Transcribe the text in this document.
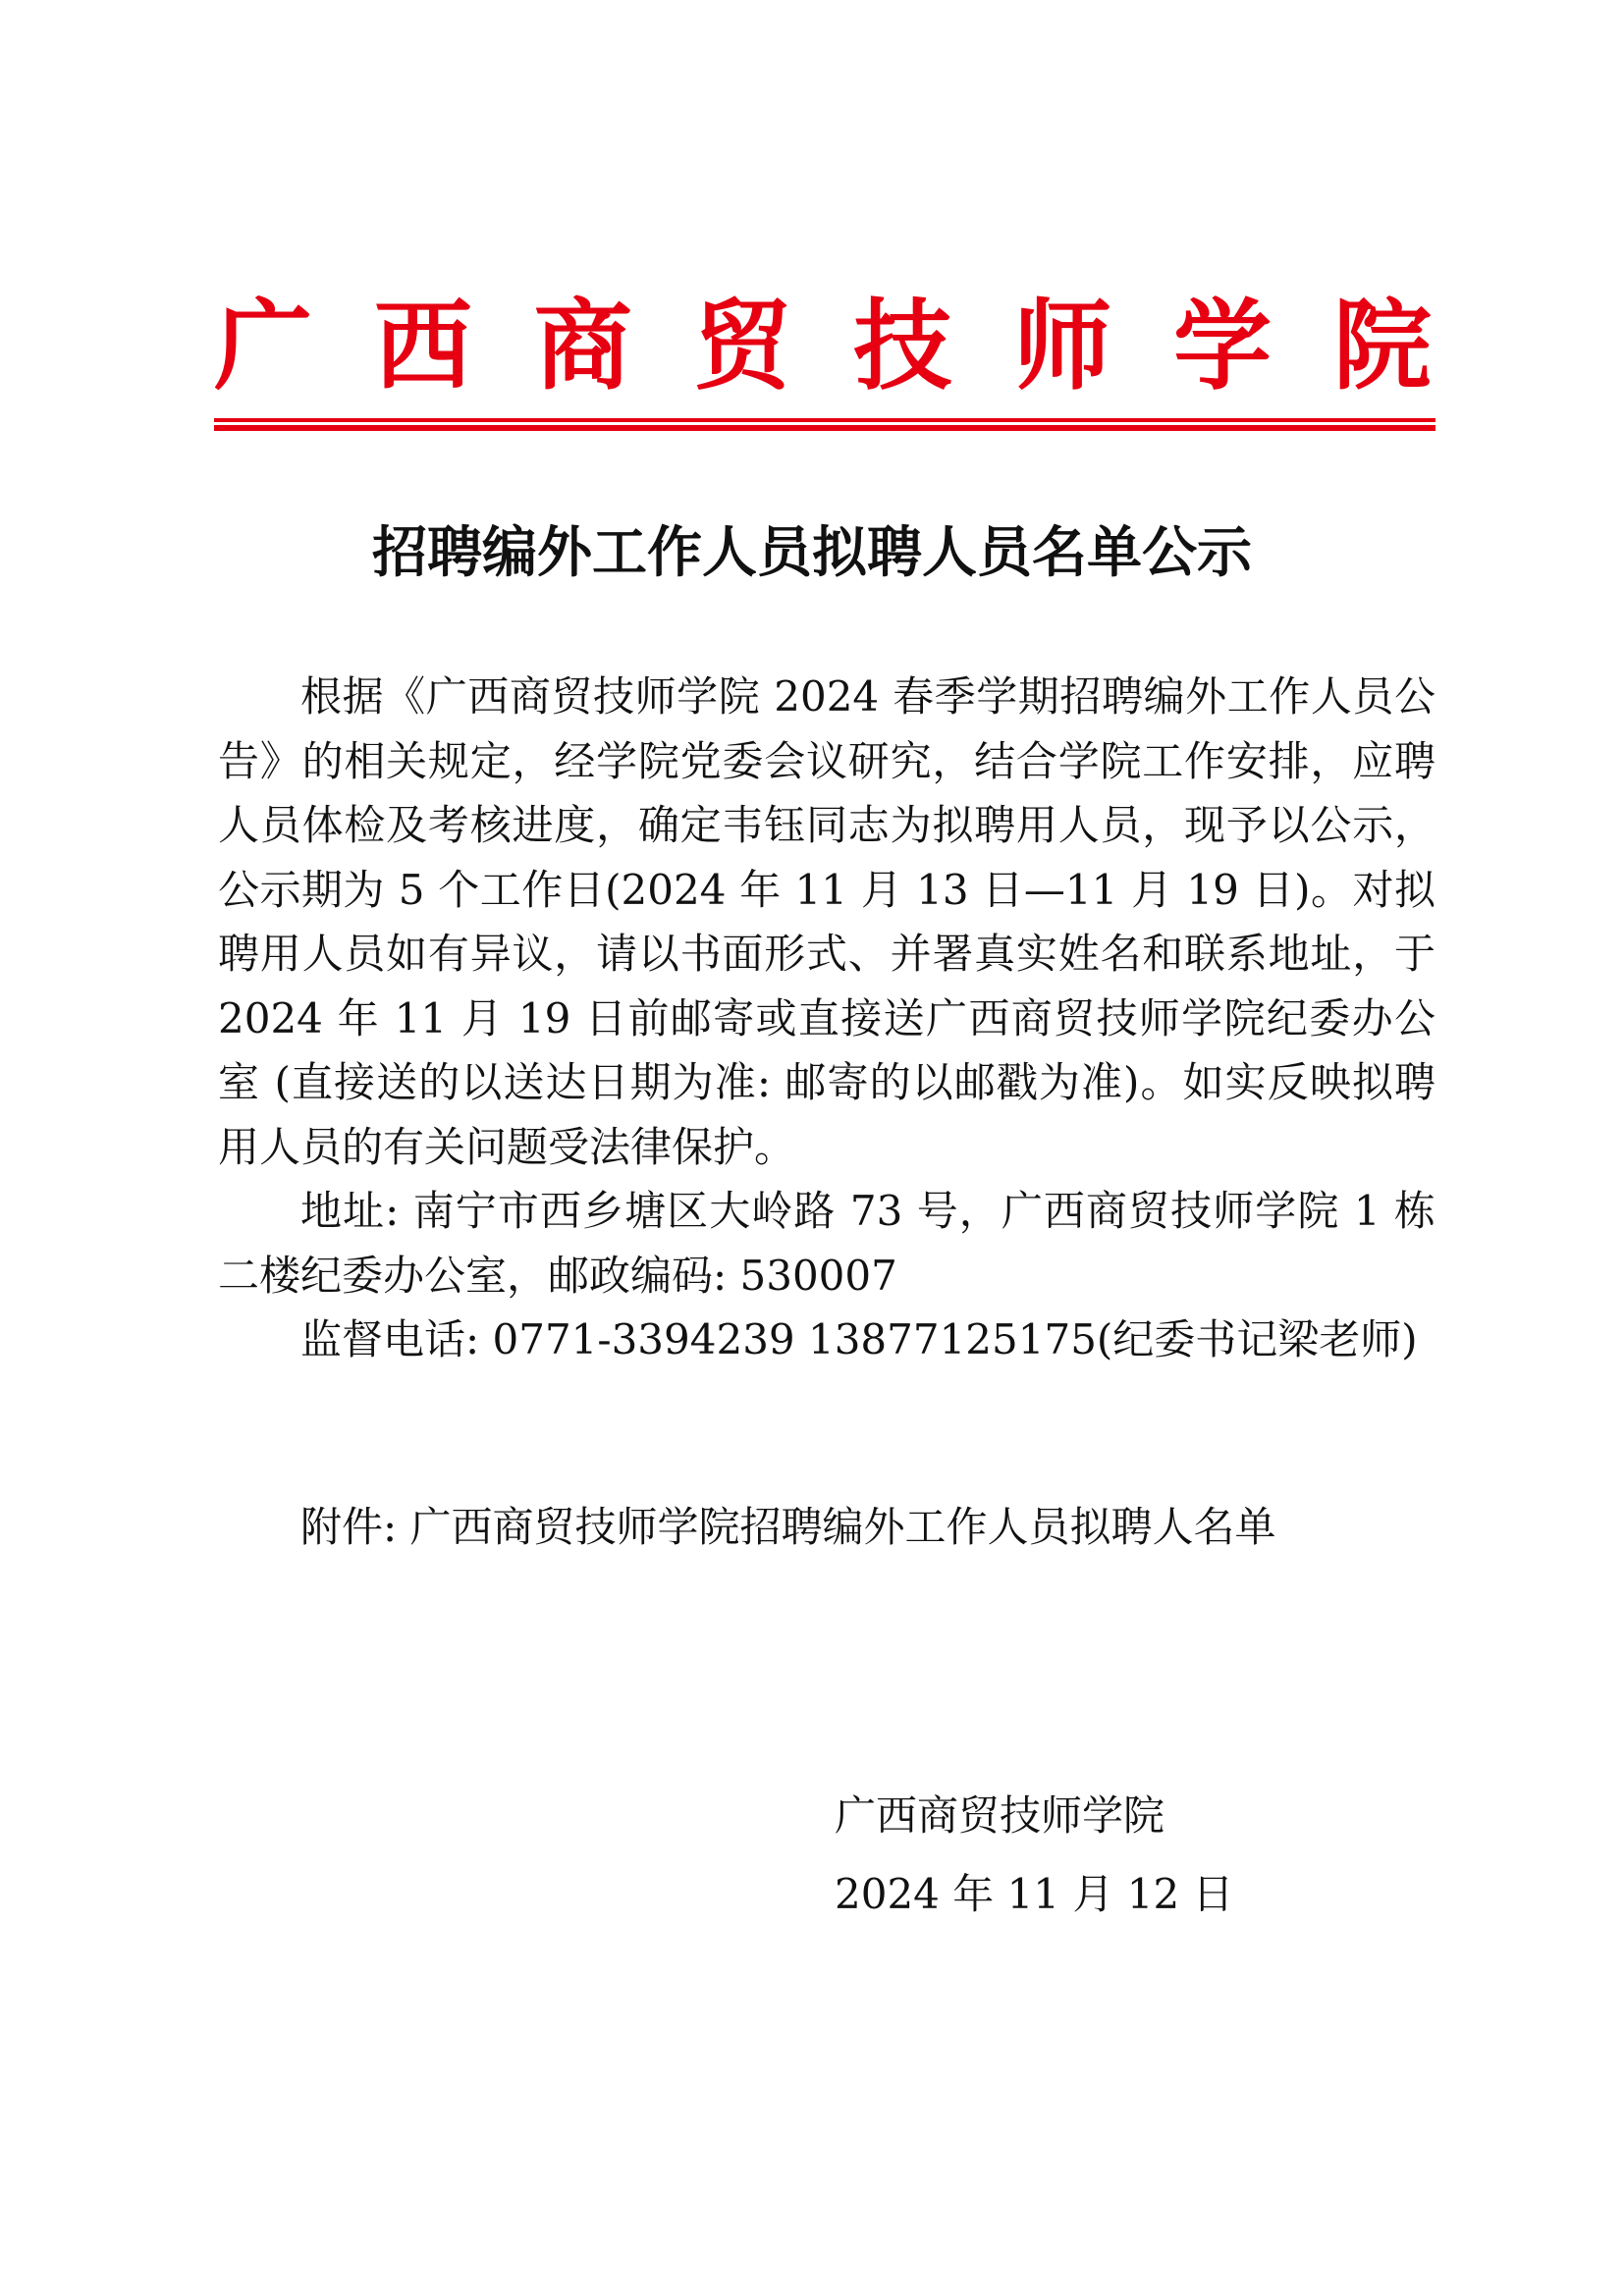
广 西 商 贸 技 师 学 院
招聘编外工作人员拟聘人员名单公示

根据《广西商贸技师学院 2024 春季学期招聘编外工作人员公告》的相关规定，经学院党委会议研究，结合学院工作安排，应聘人员体检及考核进度，确定韦钰同志为拟聘用人员，现予以公示，公示期为 5 个工作日(2024 年 11 月 13 日—11 月 19 日)。对拟聘用人员如有异议，请以书面形式、并署真实姓名和联系地址，于 2024 年 11 月 19 日前邮寄或直接送广西商贸技师学院纪委办公室 (直接送的以送达日期为准: 邮寄的以邮戳为准)。如实反映拟聘用人员的有关问题受法律保护。

地址: 南宁市西乡塘区大岭路 73 号，广西商贸技师学院 1 栋二楼纪委办公室，邮政编码: 530007

监督电话: 0771-3394239 13877125175(纪委书记梁老师)

附件: 广西商贸技师学院招聘编外工作人员拟聘人名单

广西商贸技师学院
2024 年 11 月 12 日
